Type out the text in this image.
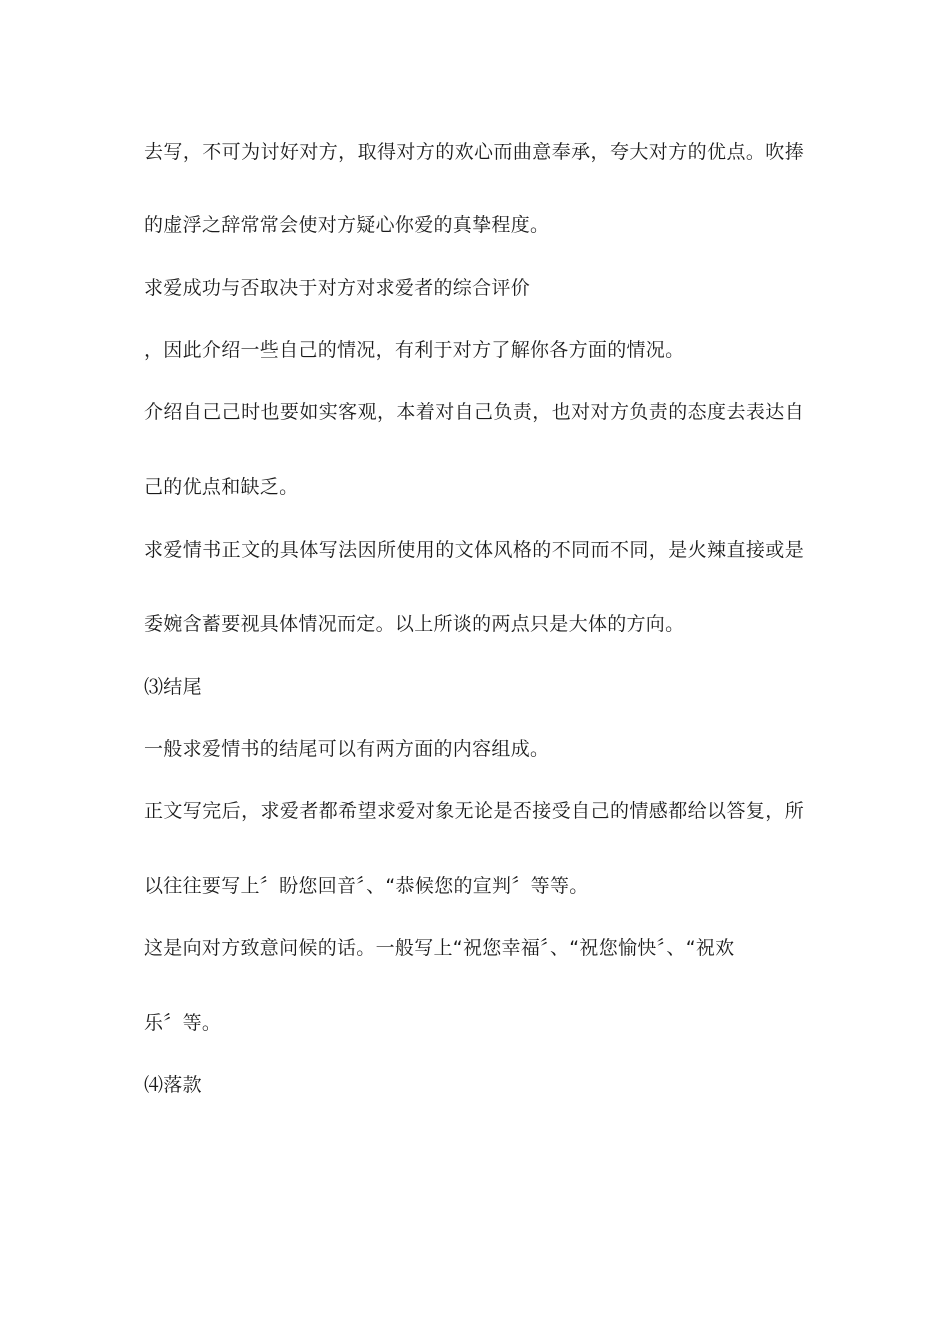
去写，不可为讨好对方，取得对方的欢心而曲意奉承，夸大对方的优点。吹捧
的虚浮之辞常常会使对方疑心你爱的真挚程度。
求爱成功与否取决于对方对求爱者的综合评价
，因此介绍一些自己的情况，有利于对方了解你各方面的情况。
介绍自己己时也要如实客观，本着对自己负责，也对对方负责的态度去表达自
己的优点和缺乏。
求爱情书正文的具体写法因所使用的文体风格的不同而不同，是火辣直接或是
委婉含蓄要视具体情况而定。以上所谈的两点只是大体的方向。
⑶结尾
一般求爱情书的结尾可以有两方面的内容组成。
正文写完后，求爱者都希望求爱对象无论是否接受自己的情感都给以答复，所
以往往要写上〞盼您回音〞、“恭候您的宣判〞等等。
这是向对方致意问候的话。一般写上“祝您幸福〞、“祝您愉快〞、“祝欢
乐〞等。
⑷落款
